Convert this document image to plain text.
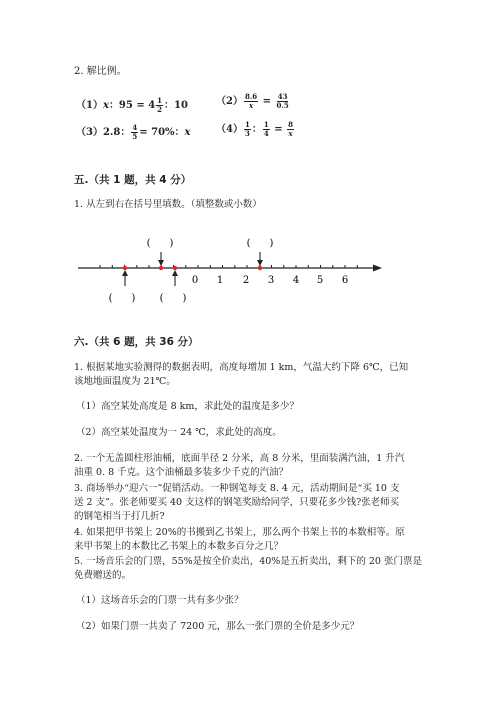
2. 解比例。
（1）x：$95 = 4 \frac{1}{2}$ ：10	$(2) \frac{8.6}{x} = \frac{43}{0.5}$
（3）2.8： $\frac{4}{5} = 70\%$：x	$(4) \frac{1}{3}$ ： $\frac{1}{4} = \frac{8}{x}$
五.（共 1 题，共 4 分）
1. 从左到右在括号里填数。（填整数或小数）
0 1 2 3 4 5 6
(      )	(      )
(      ) (      )
六.（共 6 题，共 36 分）
1. 根据某地实验测得的数据表明，高度每增加 1 km，气温大约下降 6℃，已知
该地地面温度为 21℃。
（1）高空某处高度是 8 km，求此处的温度是多少？
（2）高空某处温度为一 24 ℃，求此处的高度。
2. 一个无盖圆柱形油桶，底面半径 2 分米，高 8 分米，里面装满汽油，1 升汽
油重 0. 8 千克。这个油桶最多装多少千克的汽油？
3. 商场举办“迎六一”促销活动。一种钢笔每支 8. 4 元，活动期间是“买 10 支
送 2 支”。张老师要买 40 支这样的钢笔奖励给同学，只要花多少钱?张老师买
的钢笔相当于打几折?
4. 如果把甲书架上 20%的书搬到乙书架上，那么两个书架上书的本数相等。原
来甲书架上的本数比乙书架上的本数多百分之几？
5. 一场音乐会的门票，55%是按全价卖出，40%是五折卖出，剩下的 20 张门票是
免费赠送的。
（1）这场音乐会的门票一共有多少张？
（2）如果门票一共卖了 7200 元，那么一张门票的全价是多少元？
